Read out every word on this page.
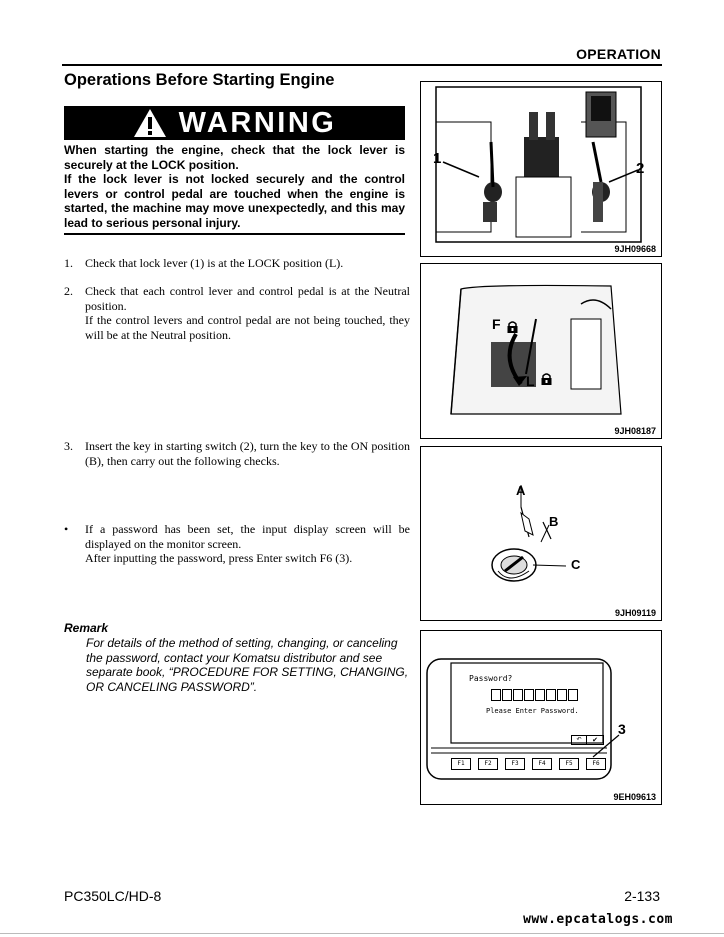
OPERATION
Operations Before Starting Engine
WARNING

When starting the engine, check that the lock lever is securely at the LOCK position.

If the lock lever is not locked securely and the control levers or control pedal are touched when the engine is started, the machine may move unexpectedly, and this may lead to serious personal injury.

1. Check that lock lever (1) is at the LOCK position (L).

2. Check that each control lever and control pedal is at the Neutral position.

If the control levers and control pedal are not being touched, they will be at the Neutral position.

3. Insert the key in starting switch (2), turn the key to the ON position (B), then carry out the following checks.

• If a password has been set, the input display screen will be displayed on the monitor screen.

After inputting the password, press Enter switch F6 (3).

Remark
For details of the method of setting, changing, or canceling the password, contact your Komatsu distributor and see separate book, “PROCEDURE FOR SETTING, CHANGING, OR CANCELING PASSWORD”.
1
2
9JH09668
F
L
9JH08187
A
B
C
9JH09119
Password?
Please Enter Password.
↶	✔
F1	F2	F3	F4	F5	F6
3
9EH09613
PC350LC/HD-8	2-133
www.epcatalogs.com
